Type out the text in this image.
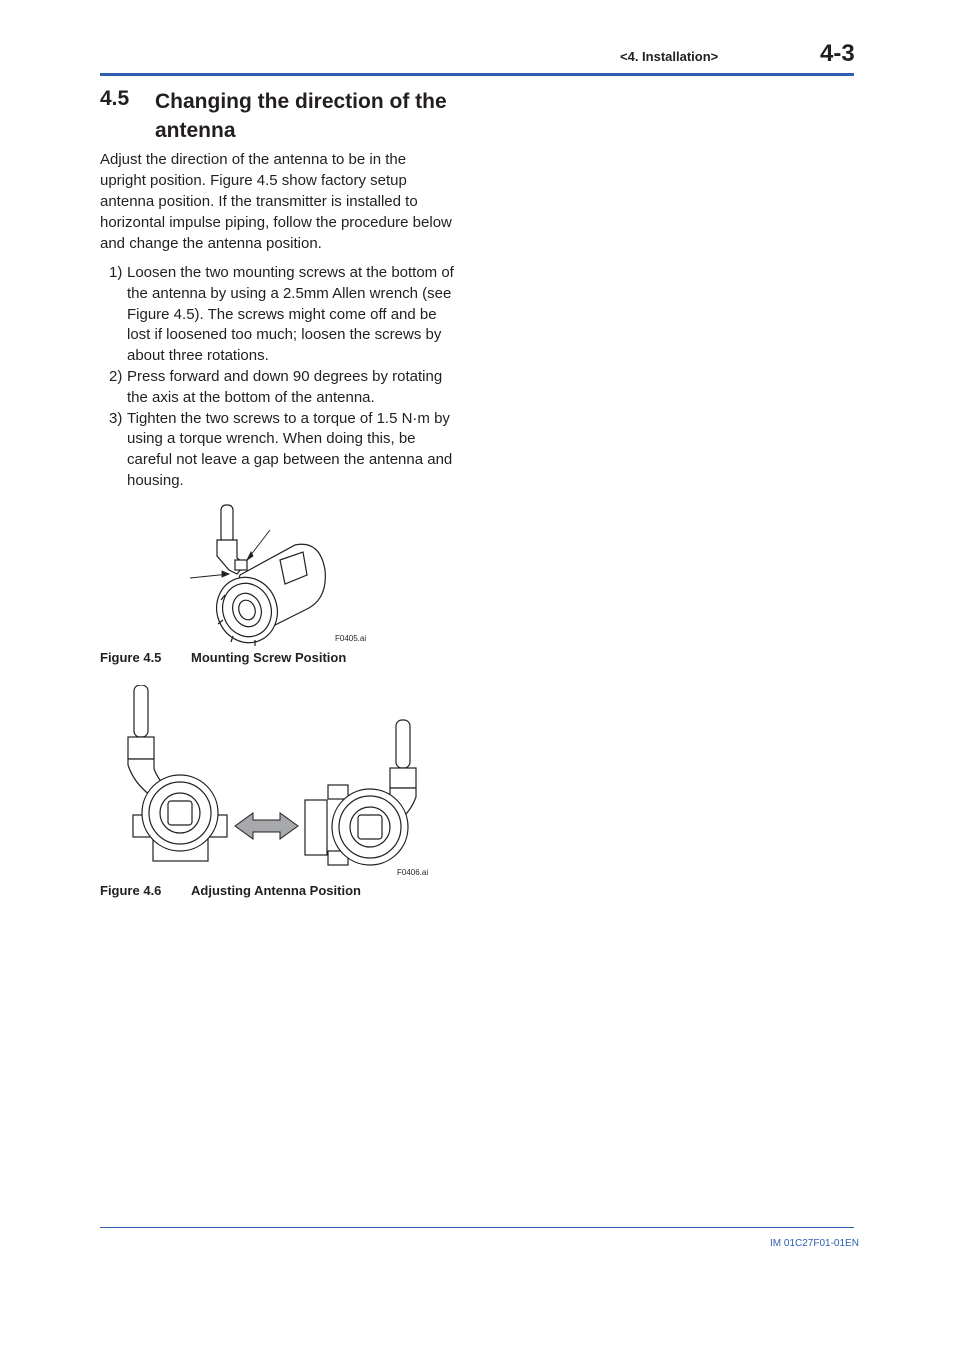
<4. Installation>	4-3
4.5 Changing the direction of the antenna

Adjust the direction of the antenna to be in the upright position. Figure 4.5 show factory setup antenna position. If the transmitter is installed to horizontal impulse piping, follow the procedure below and change the antenna position.

1) Loosen the two mounting screws at the bottom of the antenna by using a 2.5mm Allen wrench (see Figure 4.5). The screws might come off and be lost if loosened too much; loosen the screws by about three rotations.
2) Press forward and down 90 degrees by rotating the axis at the bottom of the antenna.
3) Tighten the two screws to a torque of 1.5 N·m by using a torque wrench. When doing this, be careful not leave a gap between the antenna and housing.
F0405.ai
Figure 4.5 Mounting Screw Position
F0406.ai
Figure 4.6 Adjusting Antenna Position
IM 01C27F01-01EN
